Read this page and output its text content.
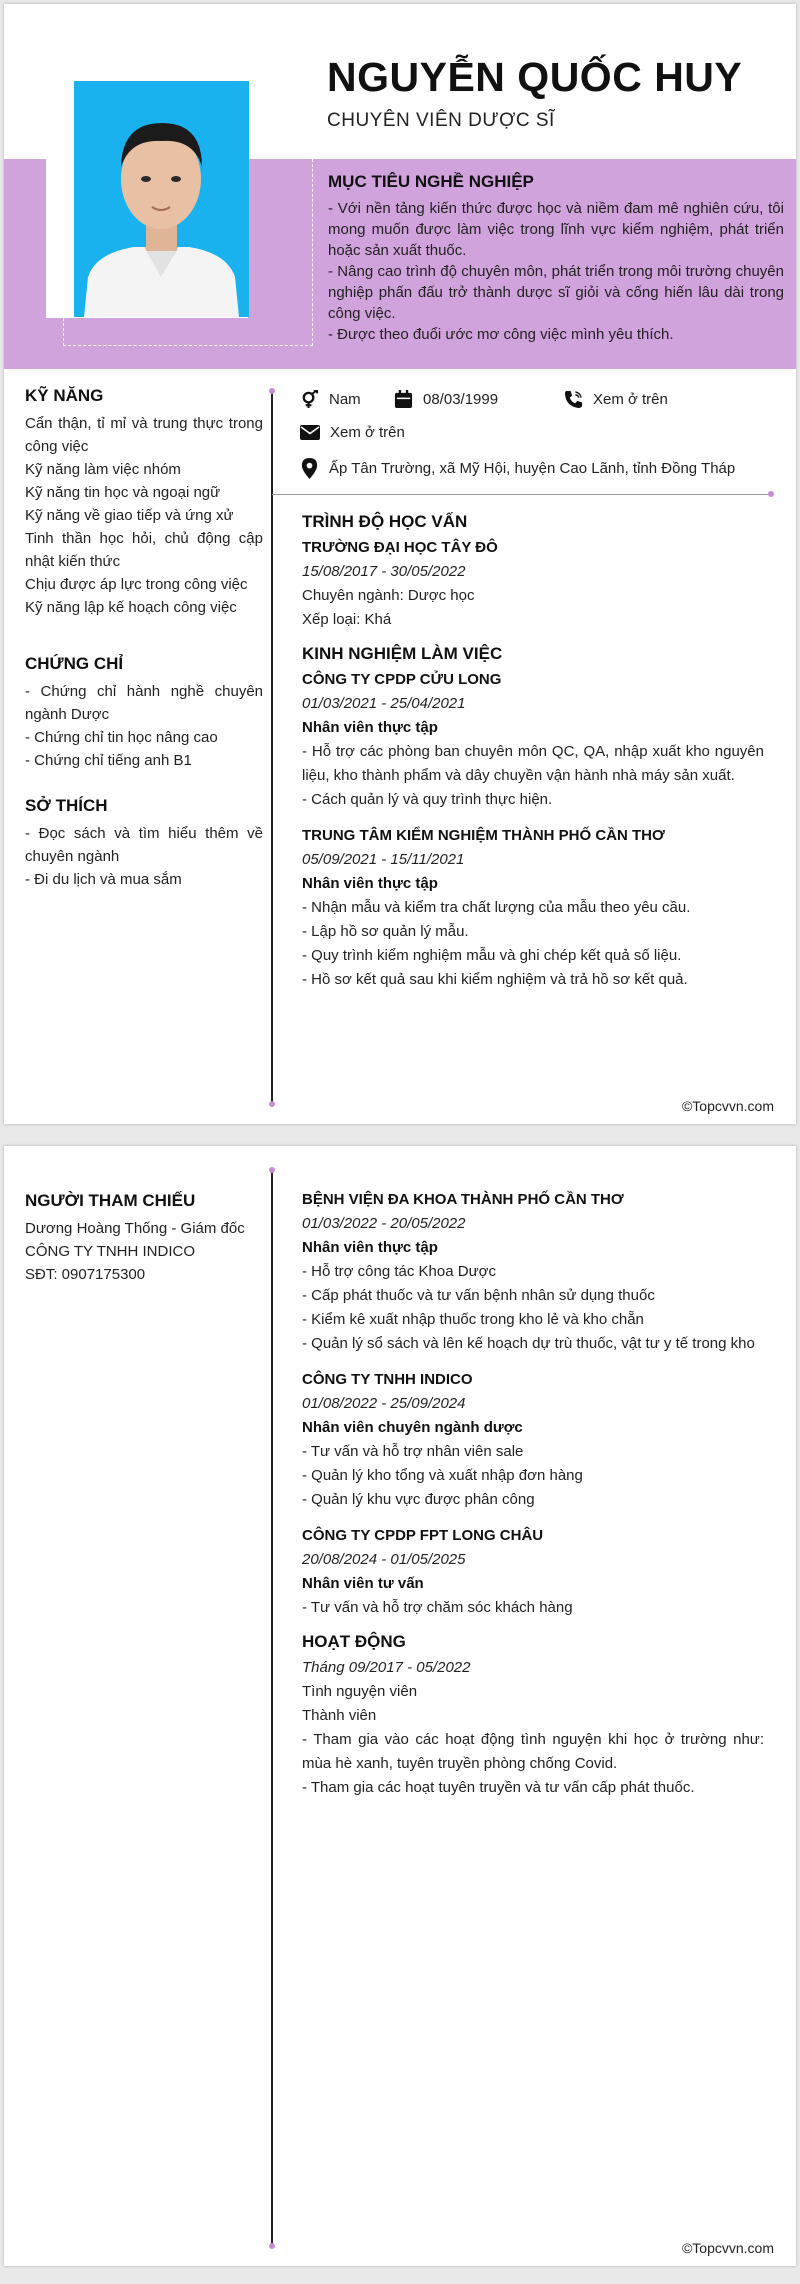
NGUYỄN QUỐC HUY
CHUYÊN VIÊN DƯỢC SĨ
MỤC TIÊU NGHỀ NGHIỆP

- Với nền tảng kiến thức được học và niềm đam mê nghiên cứu, tôi mong muốn được làm việc trong lĩnh vực kiểm nghiệm, phát triển hoặc sản xuất thuốc.

- Nâng cao trình độ chuyên môn, phát triển trong môi trường chuyên nghiệp phấn đấu trở thành dược sĩ giỏi và cống hiến lâu dài trong công việc.

- Được theo đuổi ước mơ công việc mình yêu thích.

KỸ NĂNG
Cẩn thận, tỉ mỉ và trung thực trong công việc
Kỹ năng làm việc nhóm
Kỹ năng tin học và ngoại ngữ
Kỹ năng về giao tiếp và ứng xử
Tinh thần học hỏi, chủ động cập nhật kiến thức
Chịu được áp lực trong công việc
Kỹ năng lập kế hoạch công việc
CHỨNG CHỈ
- Chứng chỉ hành nghề chuyên ngành Dược
- Chứng chỉ tin học nâng cao
- Chứng chỉ tiếng anh B1
SỞ THÍCH
- Đọc sách và tìm hiểu thêm về chuyên ngành
- Đi du lịch và mua sắm
Nam	08/03/1999	Xem ở trên
Xem ở trên
Ấp Tân Trường, xã Mỹ Hội, huyện Cao Lãnh, tỉnh Đồng Tháp
TRÌNH ĐỘ HỌC VẤN
TRƯỜNG ĐẠI HỌC TÂY ĐÔ
15/08/2017 - 30/05/2022
Chuyên ngành: Dược học
Xếp loại: Khá
KINH NGHIỆM LÀM VIỆC
CÔNG TY CPDP CỬU LONG
01/03/2021 - 25/04/2021
Nhân viên thực tập
- Hỗ trợ các phòng ban chuyên môn QC, QA, nhập xuất kho nguyên liệu, kho thành phẩm và dây chuyền vận hành nhà máy sản xuất.
- Cách quản lý và quy trình thực hiện.
TRUNG TÂM KIỂM NGHIỆM THÀNH PHỐ CẦN THƠ
05/09/2021 - 15/11/2021
Nhân viên thực tập
- Nhận mẫu và kiểm tra chất lượng của mẫu theo yêu cầu.
- Lập hồ sơ quản lý mẫu.
- Quy trình kiểm nghiệm mẫu và ghi chép kết quả số liệu.
- Hồ sơ kết quả sau khi kiểm nghiệm và trả hồ sơ kết quả.
©Topcvvn.com
NGƯỜI THAM CHIẾU
Dương Hoàng Thống - Giám đốc
CÔNG TY TNHH INDICO
SĐT: 0907175300
BỆNH VIỆN ĐA KHOA THÀNH PHỐ CẦN THƠ
01/03/2022 - 20/05/2022
Nhân viên thực tập
- Hỗ trợ công tác Khoa Dược
- Cấp phát thuốc và tư vấn bệnh nhân sử dụng thuốc
- Kiểm kê xuất nhập thuốc trong kho lẻ và kho chẵn
- Quản lý sổ sách và lên kế hoạch dự trù thuốc, vật tư y tế trong kho
CÔNG TY TNHH INDICO
01/08/2022 - 25/09/2024
Nhân viên chuyên ngành dược
- Tư vấn và hỗ trợ nhân viên sale
- Quản lý kho tổng và xuất nhập đơn hàng
- Quản lý khu vực được phân công
CÔNG TY CPDP FPT LONG CHÂU
20/08/2024 - 01/05/2025
Nhân viên tư vấn
- Tư vấn và hỗ trợ chăm sóc khách hàng
HOẠT ĐỘNG
Tháng 09/2017 - 05/2022
Tình nguyện viên
Thành viên
- Tham gia vào các hoạt động tình nguyện khi học ở trường như: mùa hè xanh, tuyên truyền phòng chống Covid.
- Tham gia các hoạt tuyên truyền và tư vấn cấp phát thuốc.
©Topcvvn.com
